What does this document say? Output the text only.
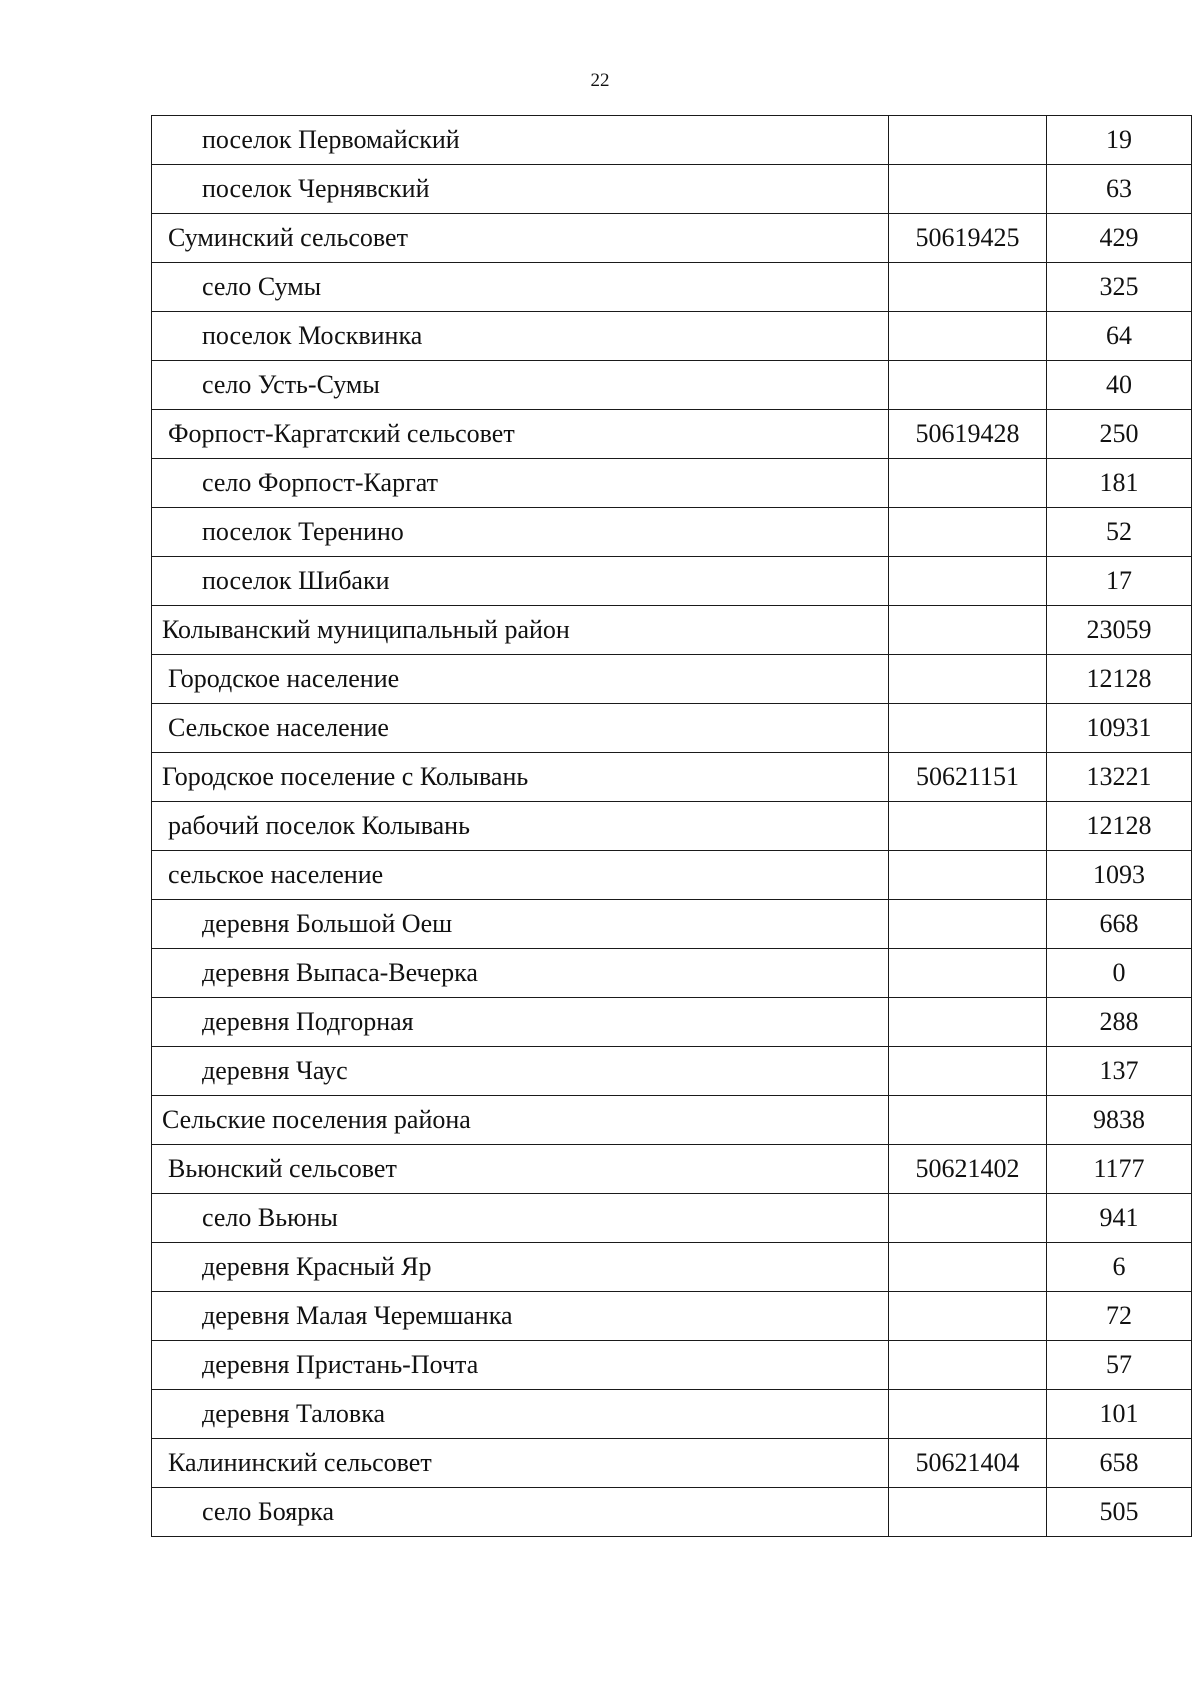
22
поселок Первомайский		19
поселок Чернявский		63
Суминский сельсовет	50619425	429
село Сумы		325
поселок Москвинка		64
село Усть-Сумы		40
Форпост-Каргатский сельсовет	50619428	250
село Форпост-Каргат		181
поселок Теренино		52
поселок Шибаки		17
Колыванский муниципальный район		23059
Городское население		12128
Сельское население		10931
Городское поселение с Колывань	50621151	13221
рабочий поселок Колывань		12128
сельское население		1093
деревня Большой Оеш		668
деревня Выпаса-Вечерка		0
деревня Подгорная		288
деревня Чаус		137
Сельские поселения района		9838
Вьюнский сельсовет	50621402	1177
село Вьюны		941
деревня Красный Яр		6
деревня Малая Черемшанка		72
деревня Пристань-Почта		57
деревня Таловка		101
Калининский сельсовет	50621404	658
село Боярка		505
